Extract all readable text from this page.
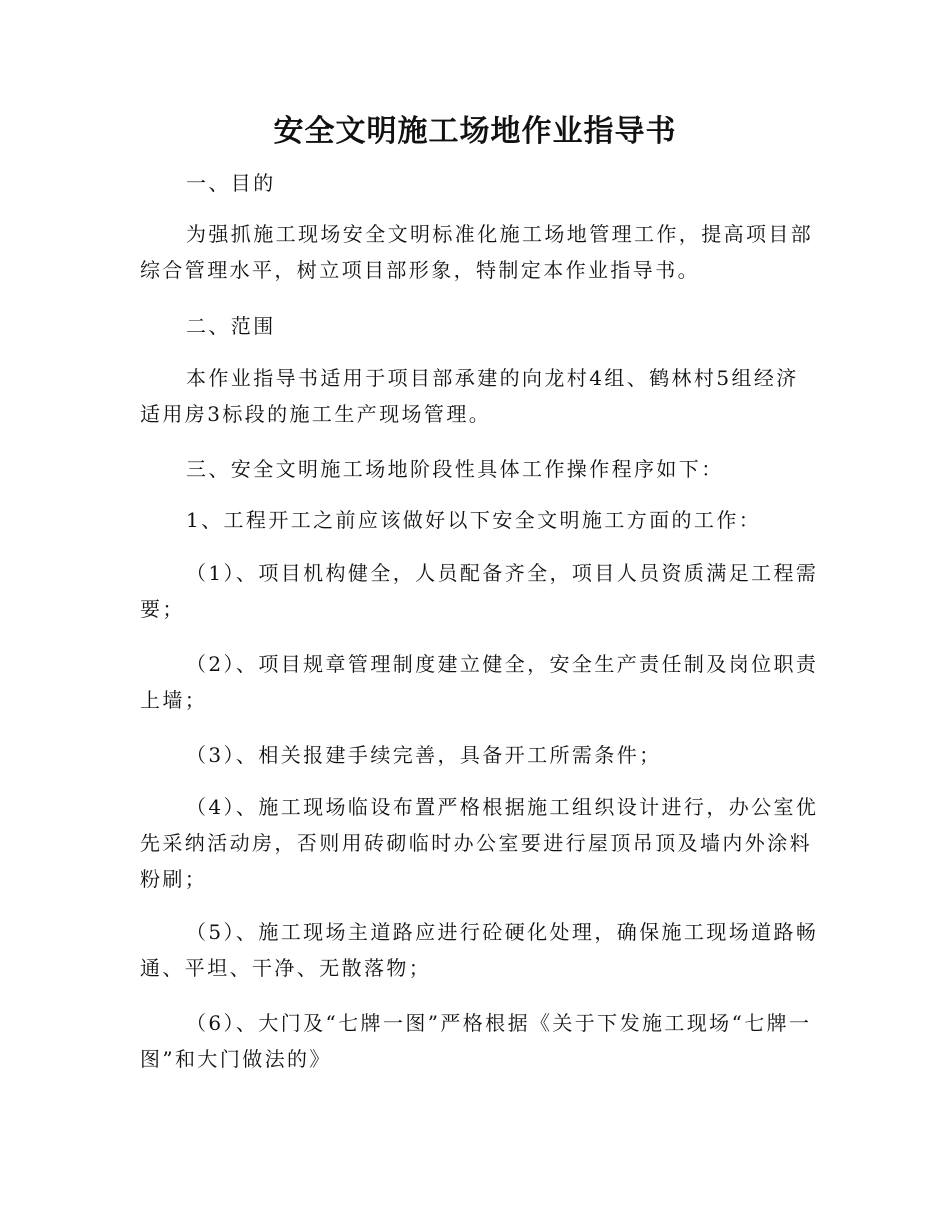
安全文明施工场地作业指导书

一、目的

为强抓施工现场安全文明标准化施工场地管理工作，提高项目部综合管理水平，树立项目部形象，特制定本作业指导书。

二、范围

本作业指导书适用于项目部承建的向龙村4组、鹤林村5组经济适用房3标段的施工生产现场管理。

三、安全文明施工场地阶段性具体工作操作程序如下：

1、工程开工之前应该做好以下安全文明施工方面的工作：

（1）、项目机构健全，人员配备齐全，项目人员资质满足工程需要；

（2）、项目规章管理制度建立健全，安全生产责任制及岗位职责上墙；

（3）、相关报建手续完善，具备开工所需条件；

（4）、施工现场临设布置严格根据施工组织设计进行，办公室优先采纳活动房，否则用砖砌临时办公室要进行屋顶吊顶及墙内外涂料粉刷；

（5）、施工现场主道路应进行砼硬化处理，确保施工现场道路畅通、平坦、干净、无散落物；

（6）、大门及“七牌一图”严格根据《关于下发施工现场“七牌一图”和大门做法的》
